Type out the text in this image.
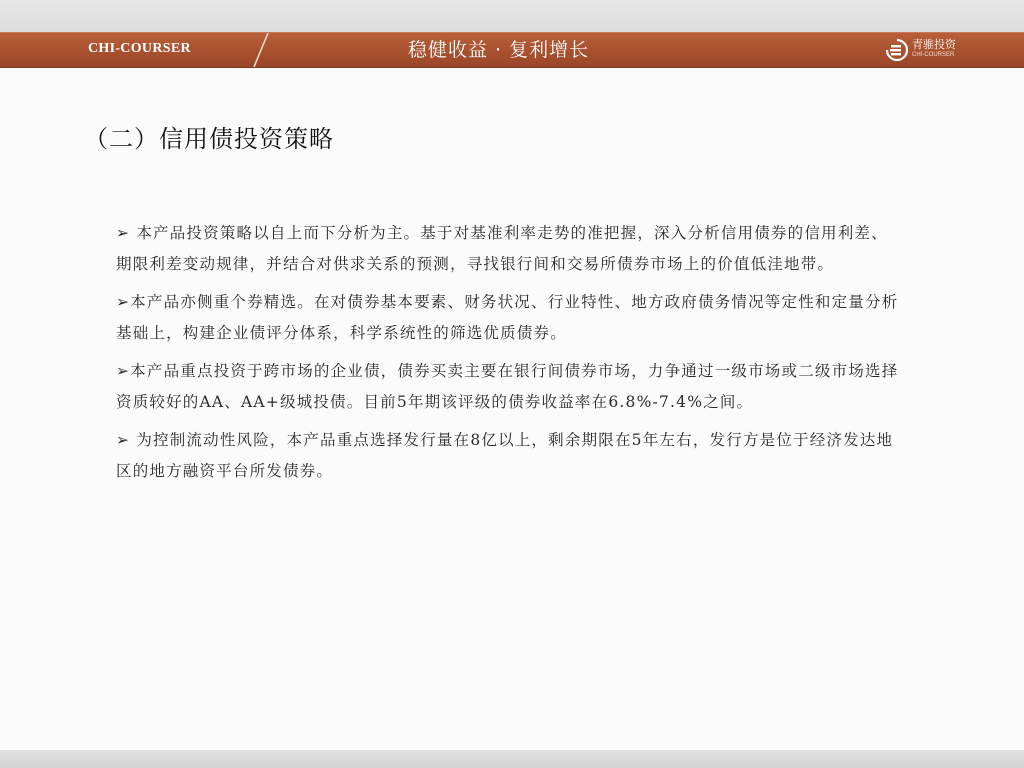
CHI-COURSER	稳健收益 · 复利增长	青骓投资
CHI-COURSER
（二）信用债投资策略

➢ 本产品投资策略以自上而下分析为主。基于对基准利率走势的准把握，深入分析信用债券的信用利差、期限利差变动规律，并结合对供求关系的预测，寻找银行间和交易所债券市场上的价值低洼地带。

➢本产品亦侧重个券精选。在对债券基本要素、财务状况、行业特性、地方政府债务情况等定性和定量分析基础上，构建企业债评分体系，科学系统性的筛选优质债券。

➢本产品重点投资于跨市场的企业债，债券买卖主要在银行间债券市场，力争通过一级市场或二级市场选择资质较好的AA、AA+级城投债。目前5年期该评级的债券收益率在6.8%-7.4%之间。

➢ 为控制流动性风险，本产品重点选择发行量在8亿以上，剩余期限在5年左右，发行方是位于经济发达地区的地方融资平台所发债券。
